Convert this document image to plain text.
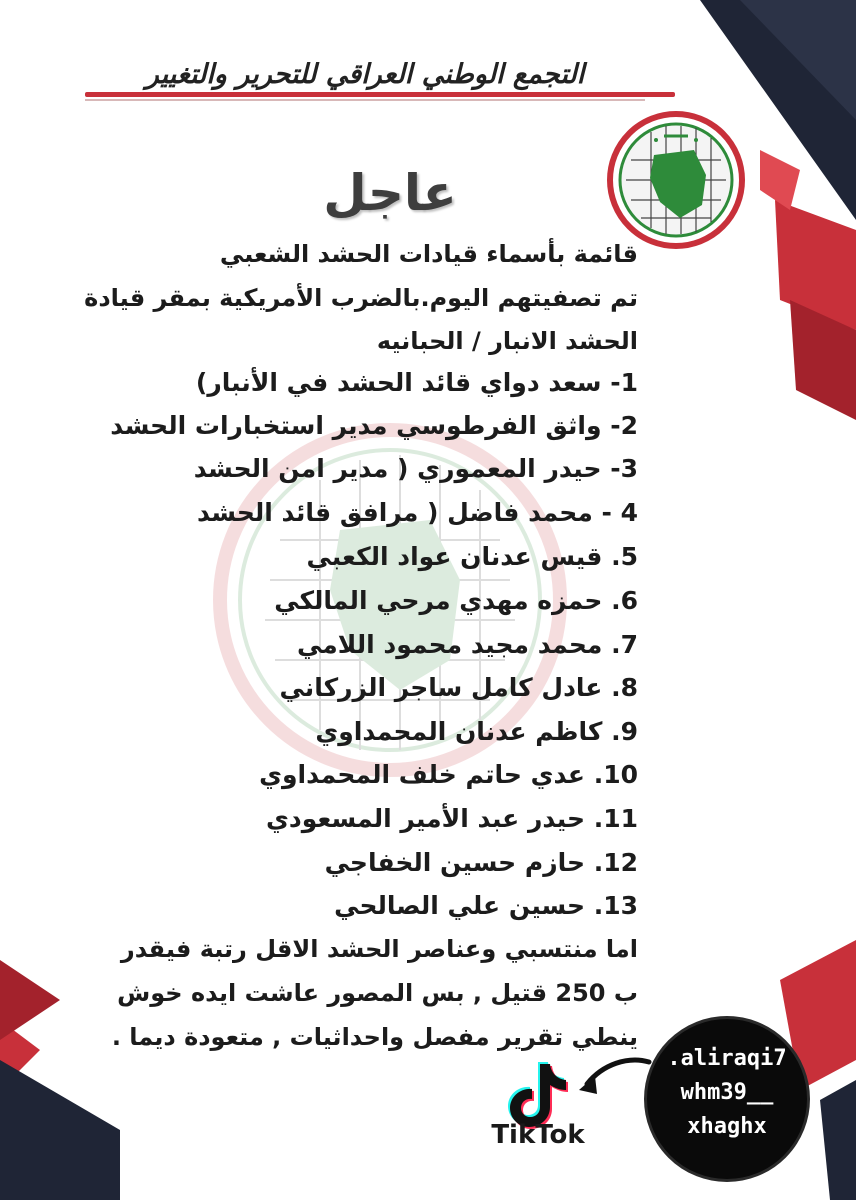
التجمع الوطني العراقي للتحرير والتغيير
عاجل
قائمة بأسماء قيادات الحشد الشعبي
تم تصفيتهم اليوم.بالضرب الأمريكية بمقر قيادة
الحشد الانبار / الحبانيه
1- سعد دواي قائد الحشد في الأنبار)
2- واثق الفرطوسي مدير استخبارات الحشد
3- حيدر المعموري ( مدير امن الحشد
4 - محمد فاضل ( مرافق قائد الحشد
5. قيس عدنان عواد الكعبي
6. حمزه مهدي مرحي المالكي
7. محمد مجيد محمود اللامي
8. عادل كامل ساجر الزركاني
9. كاظم عدنان المحمداوي
10. عدي حاتم خلف المحمداوي
11. حيدر عبد الأمير المسعودي
12. حازم حسين الخفاجي
13. حسين علي الصالحي
اما منتسبي وعناصر الحشد الاقل رتبة فيقدر
ب 250 قتيل , بس المصور عاشت ايده خوش
ينطي تقرير مفصل واحداثيات , متعودة ديما .
TikTok
.aliraqi7
whm39__
xhaghx
